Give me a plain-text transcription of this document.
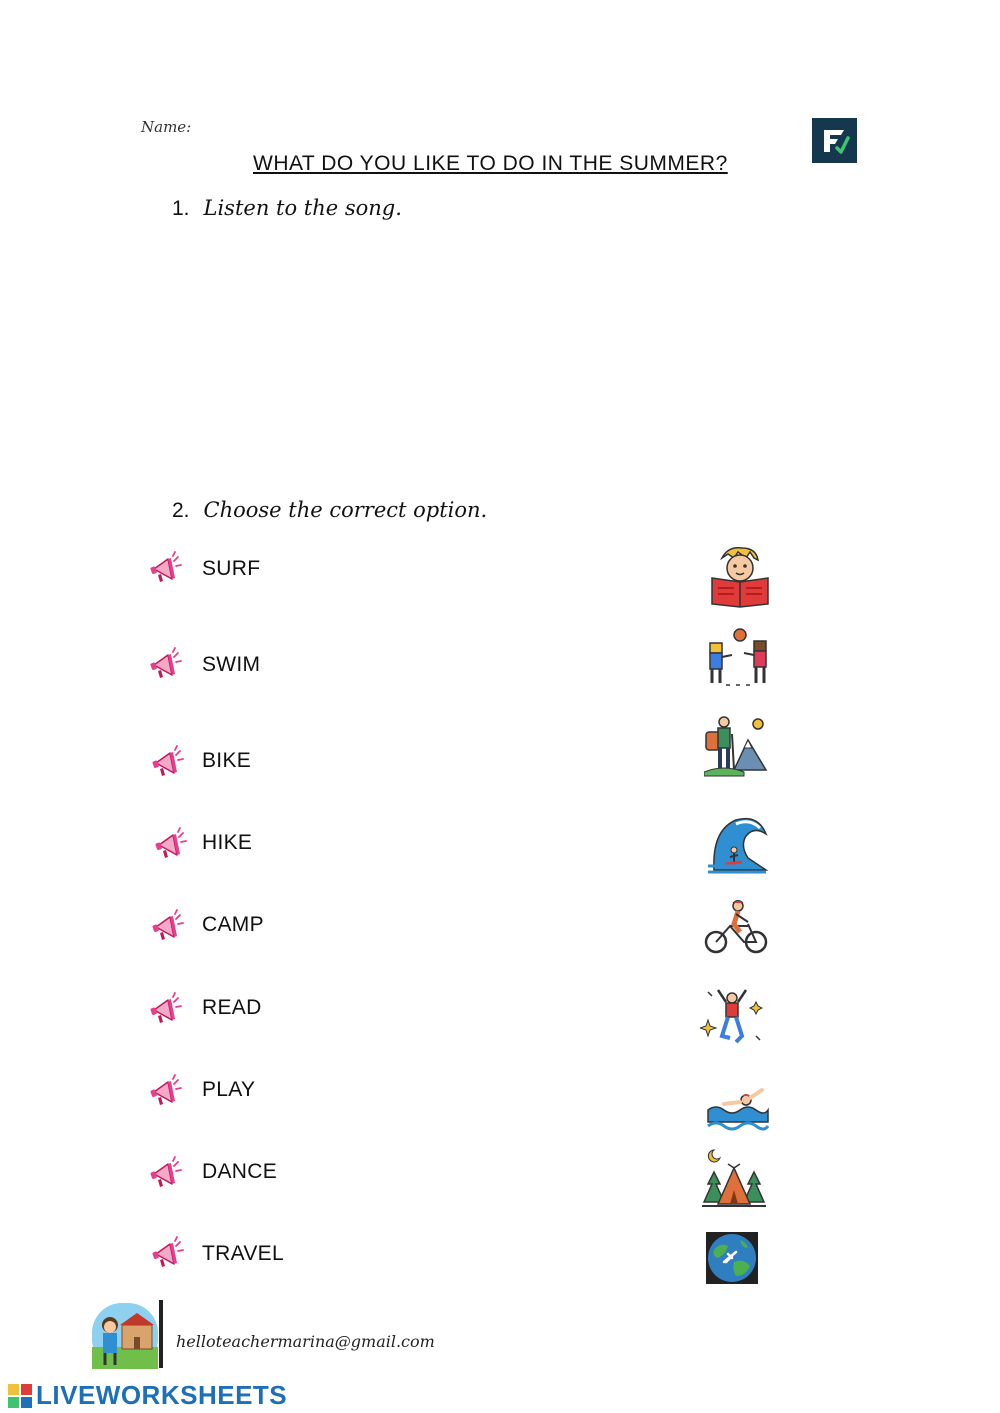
Name:
WHAT DO YOU LIKE TO DO IN THE SUMMER?
1. Listen to the song.
2. Choose the correct option.
SURF
SWIM
BIKE
HIKE
CAMP
READ
PLAY
DANCE
TRAVEL
helloteachermarina@gmail.com
LIVEWORKSHEETS
